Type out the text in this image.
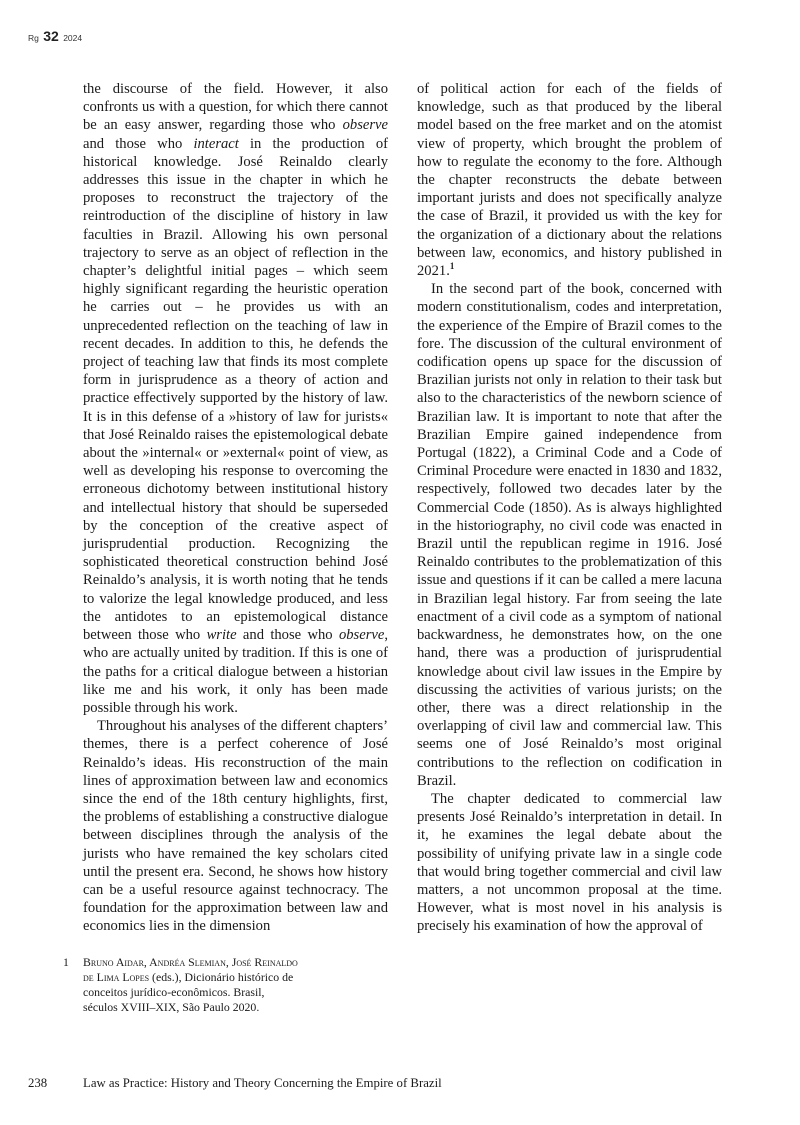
Rg 32 2024

the discourse of the field. However, it also confronts us with a question, for which there cannot be an easy answer, regarding those who observe and those who interact in the production of historical knowledge. José Reinaldo clearly addresses this issue in the chapter in which he proposes to reconstruct the trajectory of the reintroduction of the discipline of history in law faculties in Brazil. Allowing his own personal trajectory to serve as an object of reflection in the chapter’s delightful initial pages – which seem highly significant regarding the heuristic operation he carries out – he provides us with an unprecedented reflection on the teaching of law in recent decades. In addition to this, he defends the project of teaching law that finds its most complete form in jurisprudence as a theory of action and practice effectively supported by the history of law. It is in this defense of a »history of law for jurists« that José Reinaldo raises the epistemological debate about the »internal« or »external« point of view, as well as developing his response to overcoming the erroneous dichotomy between institutional history and intellectual history that should be superseded by the conception of the creative aspect of jurisprudential production. Recognizing the sophisticated theoretical construction behind José Reinaldo’s analysis, it is worth noting that he tends to valorize the legal knowledge produced, and less the antidotes to an epistemological distance between those who write and those who observe, who are actually united by tradition. If this is one of the paths for a critical dialogue between a historian like me and his work, it only has been made possible through his work.

Throughout his analyses of the different chapters’ themes, there is a perfect coherence of José Reinaldo’s ideas. His reconstruction of the main lines of approximation between law and economics since the end of the 18th century highlights, first, the problems of establishing a constructive dialogue between disciplines through the analysis of the jurists who have remained the key scholars cited until the present era. Second, he shows how history can be a useful resource against technocracy. The foundation for the approximation between law and economics lies in the dimension

of political action for each of the fields of knowledge, such as that produced by the liberal model based on the free market and on the atomist view of property, which brought the problem of how to regulate the economy to the fore. Although the chapter reconstructs the debate between important jurists and does not specifically analyze the case of Brazil, it provided us with the key for the organization of a dictionary about the relations between law, economics, and history published in 2021.$^1$

In the second part of the book, concerned with modern constitutionalism, codes and interpretation, the experience of the Empire of Brazil comes to the fore. The discussion of the cultural environment of codification opens up space for the discussion of Brazilian jurists not only in relation to their task but also to the characteristics of the newborn science of Brazilian law. It is important to note that after the Brazilian Empire gained independence from Portugal (1822), a Criminal Code and a Code of Criminal Procedure were enacted in 1830 and 1832, respectively, followed two decades later by the Commercial Code (1850). As is always highlighted in the historiography, no civil code was enacted in Brazil until the republican regime in 1916. José Reinaldo contributes to the problematization of this issue and questions if it can be called a mere lacuna in Brazilian legal history. Far from seeing the late enactment of a civil code as a symptom of national backwardness, he demonstrates how, on the one hand, there was a production of jurisprudential knowledge about civil law issues in the Empire by discussing the activities of various jurists; on the other, there was a direct relationship in the overlapping of civil law and commercial law. This seems one of José Reinaldo’s most original contributions to the reflection on codification in Brazil.

The chapter dedicated to commercial law presents José Reinaldo’s interpretation in detail. In it, he examines the legal debate about the possibility of unifying private law in a single code that would bring together commercial and civil law matters, a not uncommon proposal at the time. However, what is most novel in his analysis is precisely his examination of how the approval of

1 Bruno Aidar, Andréa Slemian, José Reinaldo de Lima Lopes (eds.), Dicionário histórico de conceitos jurídico-econômicos. Brasil, séculos XVIII–XIX, São Paulo 2020.
238	Law as Practice: History and Theory Concerning the Empire of Brazil
